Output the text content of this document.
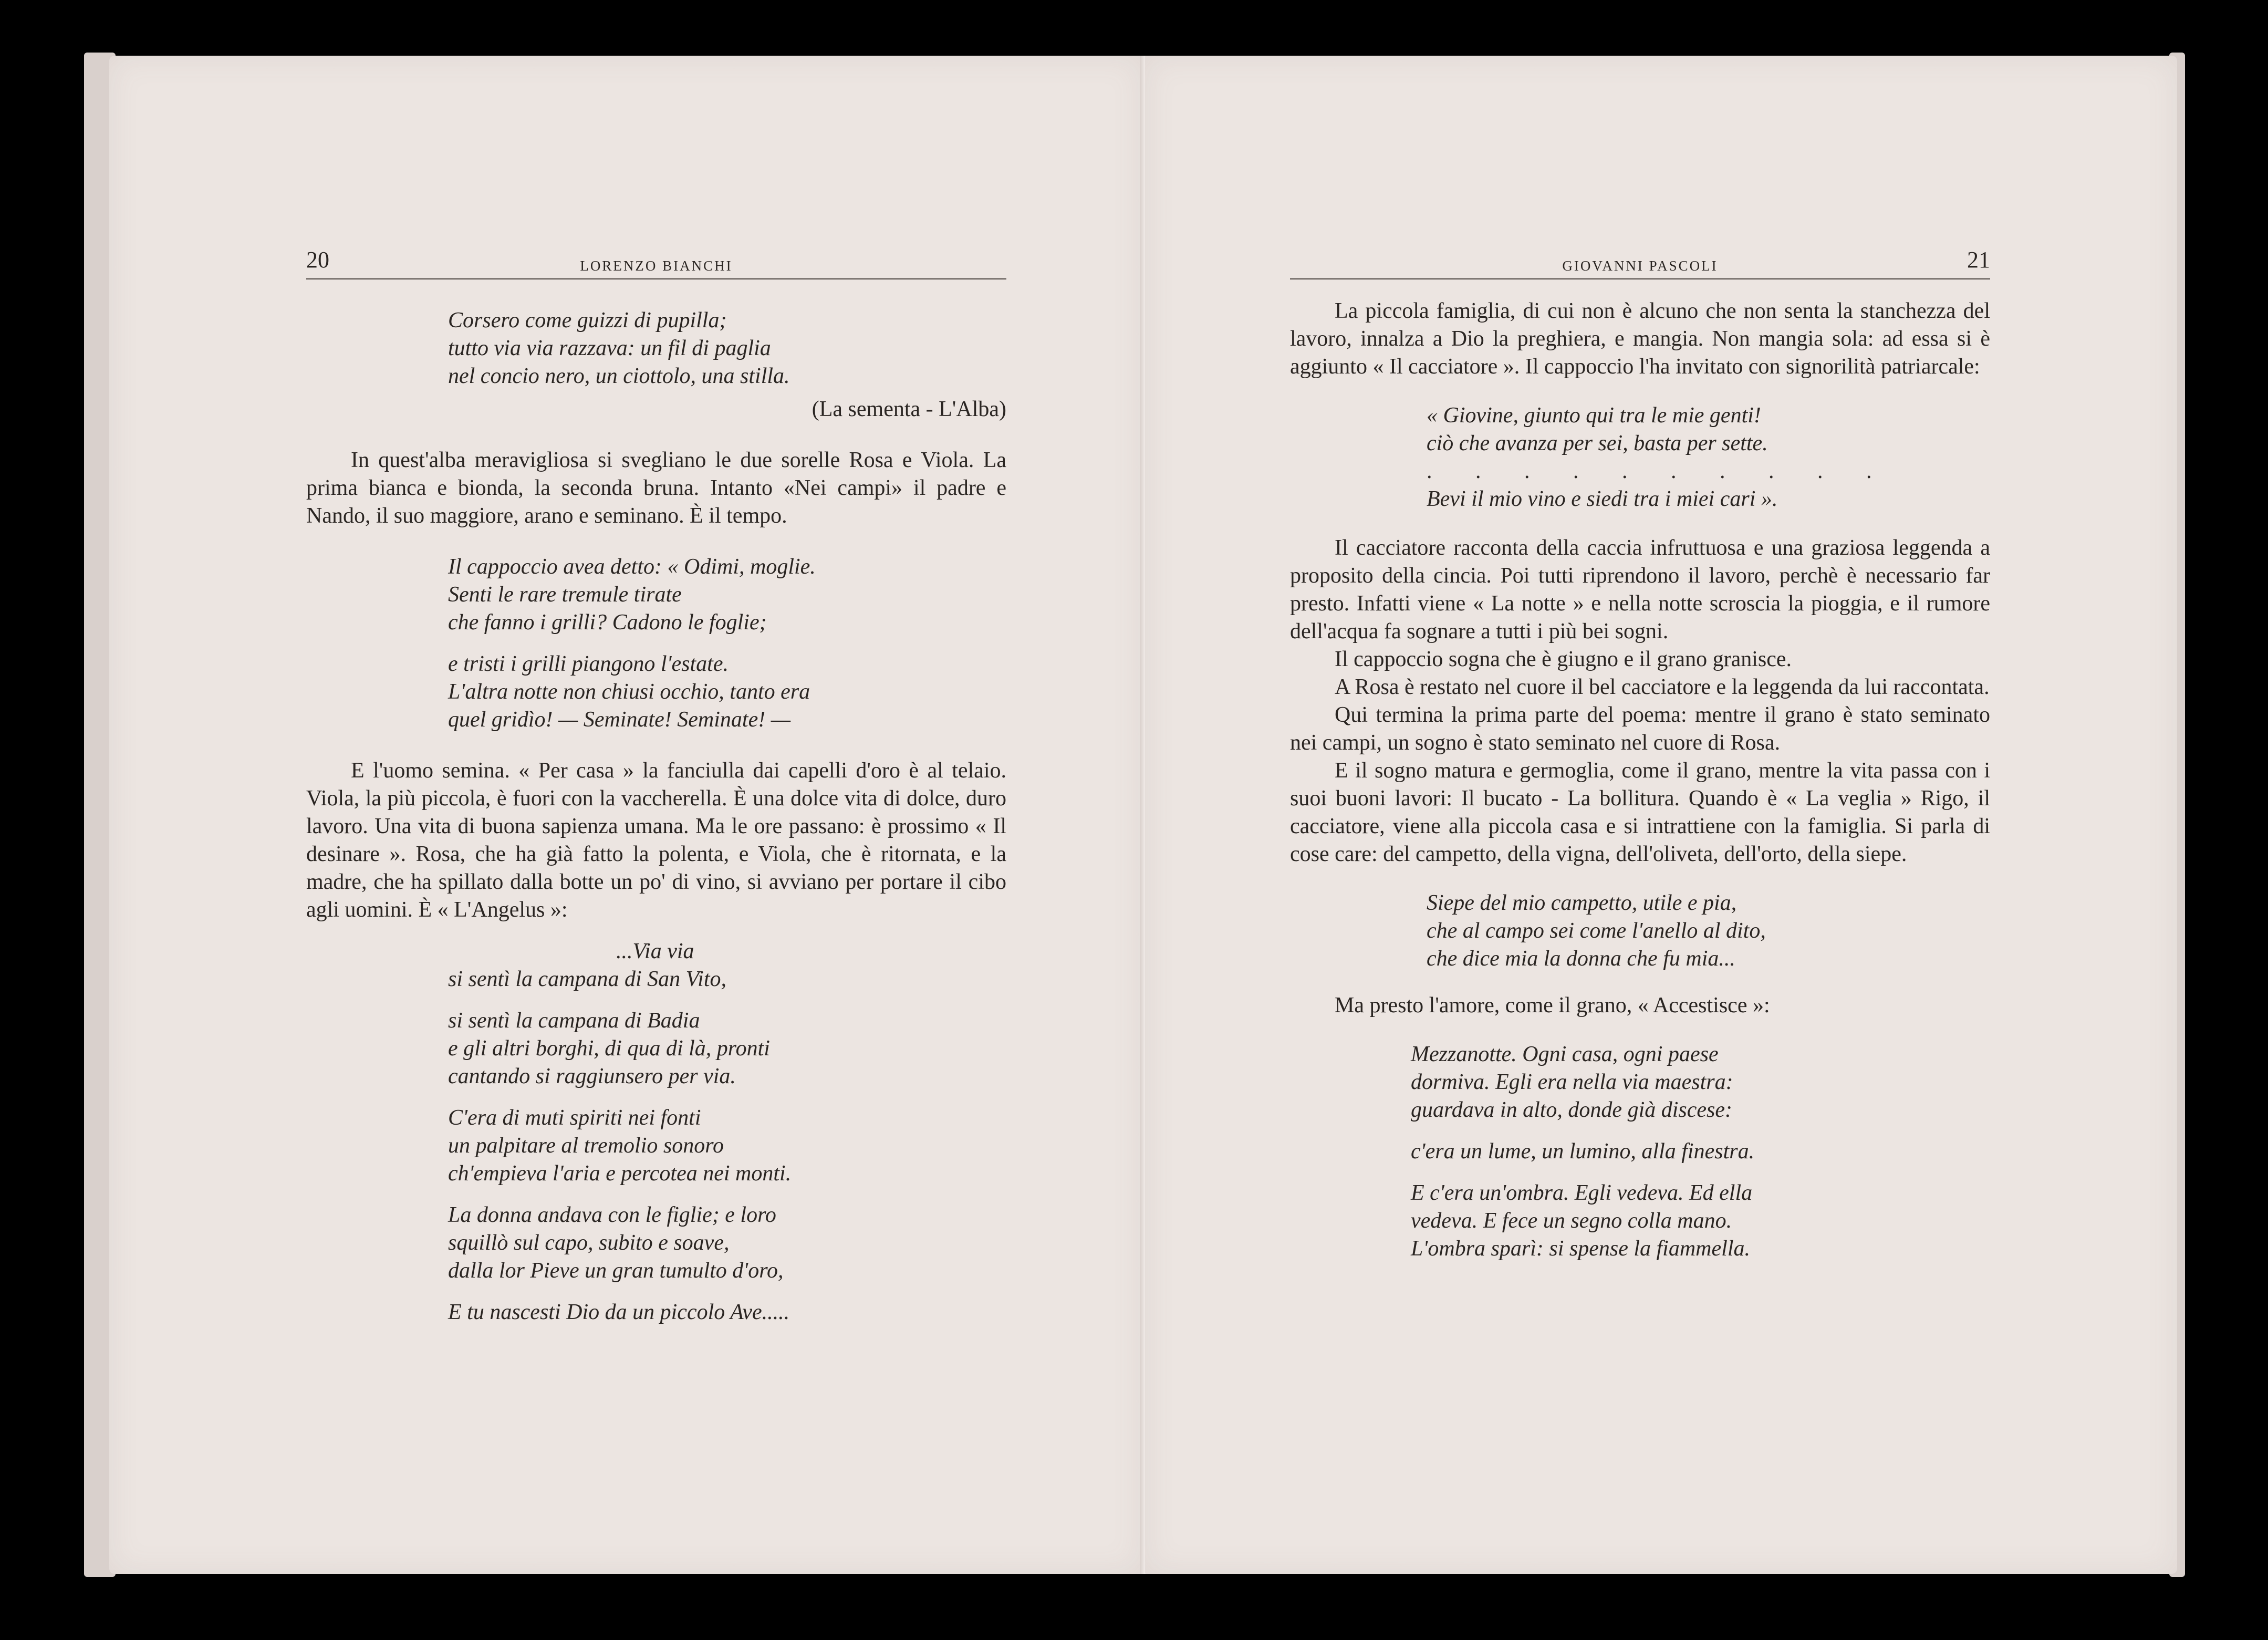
20	LORENZO BIANCHI
Corsero come guizzi di pupilla;
tutto via via razzava: un fil di paglia
nel concio nero, un ciottolo, una stilla.

(La sementa - L'Alba)

In quest'alba meravigliosa si svegliano le due sorelle Rosa e Viola. La prima bianca e bionda, la seconda bruna. Intanto «Nei campi» il padre e Nando, il suo maggiore, arano e seminano. È il tempo.

Il cappoccio avea detto: « Odimi, moglie.
Senti le rare tremule tirate
che fanno i grilli? Cadono le foglie;
e tristi i grilli piangono l'estate.
L'altra notte non chiusi occhio, tanto era
quel gridìo! — Seminate! Seminate! —

E l'uomo semina. « Per casa » la fanciulla dai capelli d'oro è al telaio. Viola, la più piccola, è fuori con la vaccherella. È una dolce vita di dolce, duro lavoro. Una vita di buona sapienza umana. Ma le ore passano: è prossimo « Il desinare ». Rosa, che ha già fatto la polenta, e Viola, che è ritornata, e la madre, che ha spillato dalla botte un po' di vino, si avviano per portare il cibo agli uomini. È « L'Angelus »:

...Via via
si sentì la campana di San Vito,
si sentì la campana di Badia
e gli altri borghi, di qua di là, pronti
cantando si raggiunsero per via.
C'era di muti spiriti nei fonti
un palpitare al tremolio sonoro
ch'empieva l'aria e percotea nei monti.
La donna andava con le figlie; e loro
squillò sul capo, subito e soave,
dalla lor Pieve un gran tumulto d'oro,
E tu nascesti Dio da un piccolo Ave.....
GIOVANNI PASCOLI	21

La piccola famiglia, di cui non è alcuno che non senta la stanchezza del lavoro, innalza a Dio la preghiera, e mangia. Non mangia sola: ad essa si è aggiunto « Il cacciatore ». Il cappoccio l'ha invitato con signorilità patriarcale:

« Giovine, giunto qui tra le mie genti!
ciò che avanza per sei, basta per sette.
. . . . . . . . . .
Bevi il mio vino e siedi tra i miei cari ».

Il cacciatore racconta della caccia infruttuosa e una graziosa leggenda a proposito della cincia. Poi tutti riprendono il lavoro, perchè è necessario far presto. Infatti viene « La notte » e nella notte scroscia la pioggia, e il rumore dell'acqua fa sognare a tutti i più bei sogni.

Il cappoccio sogna che è giugno e il grano granisce.

A Rosa è restato nel cuore il bel cacciatore e la leggenda da lui raccontata.

Qui termina la prima parte del poema: mentre il grano è stato seminato nei campi, un sogno è stato seminato nel cuore di Rosa.

E il sogno matura e germoglia, come il grano, mentre la vita passa con i suoi buoni lavori: Il bucato - La bollitura. Quando è « La veglia » Rigo, il cacciatore, viene alla piccola casa e si intrattiene con la famiglia. Si parla di cose care: del campetto, della vigna, dell'oliveta, dell'orto, della siepe.

Siepe del mio campetto, utile e pia,
che al campo sei come l'anello al dito,
che dice mia la donna che fu mia...

Ma presto l'amore, come il grano, « Accestisce »:

Mezzanotte. Ogni casa, ogni paese
dormiva. Egli era nella via maestra:
guardava in alto, donde già discese:
c'era un lume, un lumino, alla finestra.
E c'era un'ombra. Egli vedeva. Ed ella
vedeva. E fece un segno colla mano.
L'ombra sparì: si spense la fiammella.
